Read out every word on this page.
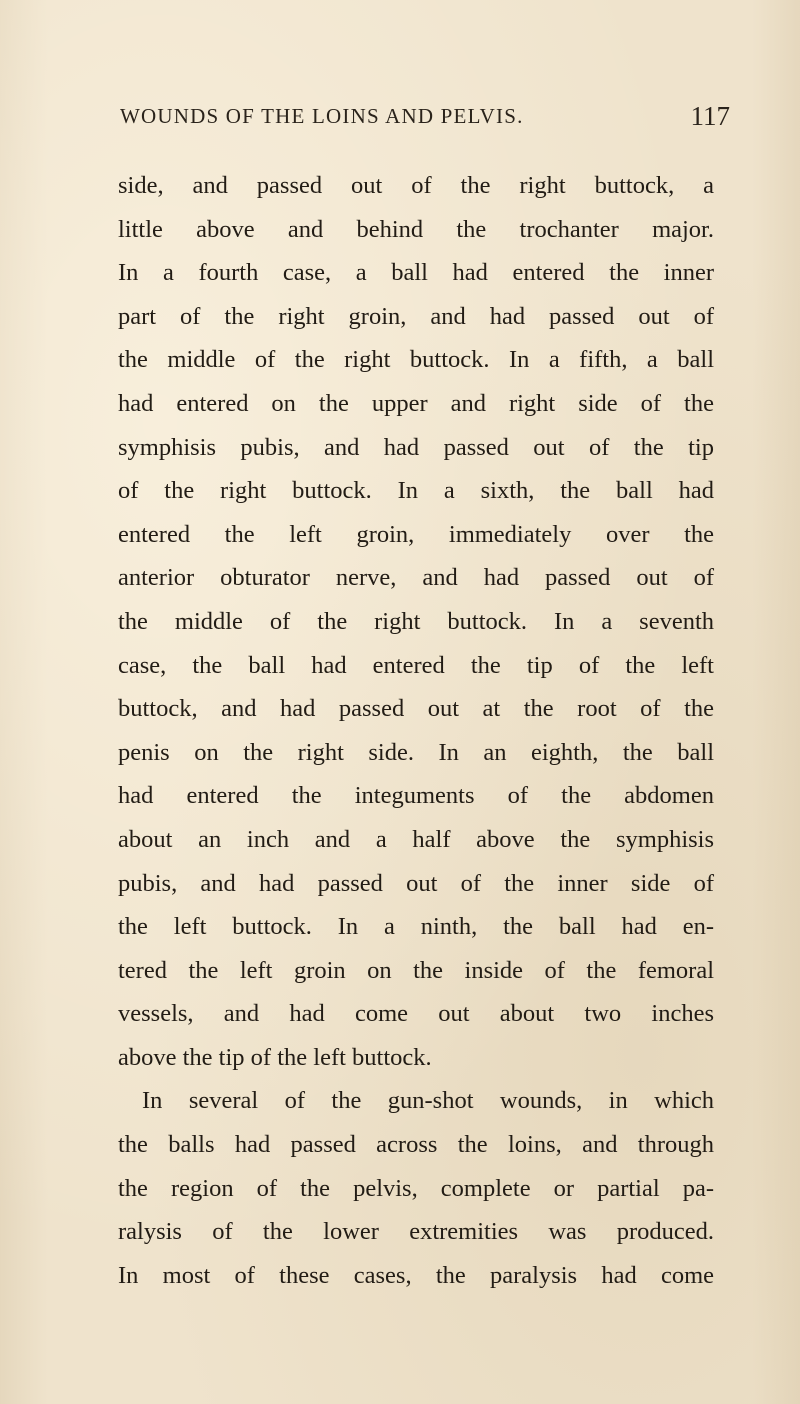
WOUNDS OF THE LOINS AND PELVIS.	117
side, and passed out of the right buttock, a
little above and behind the trochanter major.
In a fourth case, a ball had entered the inner
part of the right groin, and had passed out of
the middle of the right buttock. In a fifth, a ball
had entered on the upper and right side of the
symphisis pubis, and had passed out of the tip
of the right buttock. In a sixth, the ball had
entered the left groin, immediately over the
anterior obturator nerve, and had passed out of
the middle of the right buttock. In a seventh
case, the ball had entered the tip of the left
buttock, and had passed out at the root of the
penis on the right side. In an eighth, the ball
had entered the integuments of the abdomen
about an inch and a half above the symphisis
pubis, and had passed out of the inner side of
the left buttock. In a ninth, the ball had en-
tered the left groin on the inside of the femoral
vessels, and had come out about two inches
above the tip of the left buttock.
In several of the gun-shot wounds, in which
the balls had passed across the loins, and through
the region of the pelvis, complete or partial pa-
ralysis of the lower extremities was produced.
In most of these cases, the paralysis had come
